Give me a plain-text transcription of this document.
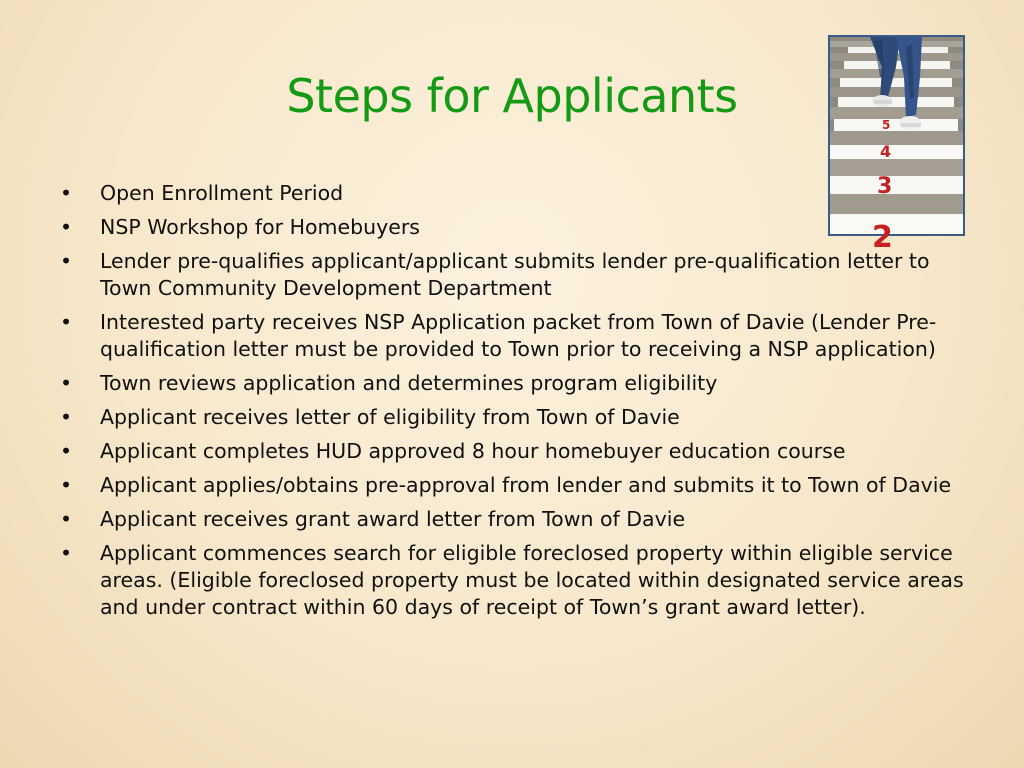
Steps for Applicants
5
4
3
2
• Open Enrollment Period
• NSP Workshop for Homebuyers
• Lender pre-qualifies applicant/applicant submits lender pre-qualification letter to Town Community Development Department
• Interested party receives NSP Application packet from Town of Davie (Lender Pre-qualification letter must be provided to Town prior to receiving a NSP application)
• Town reviews application and determines program eligibility
• Applicant receives letter of eligibility from Town of Davie
• Applicant completes HUD approved 8 hour homebuyer education course
• Applicant applies/obtains pre-approval from lender and submits it to Town of Davie
• Applicant receives grant award letter from Town of Davie
• Applicant commences search for eligible foreclosed property within eligible service areas. (Eligible foreclosed property must be located within designated service areas and under contract within 60 days of receipt of Town’s grant award letter).
